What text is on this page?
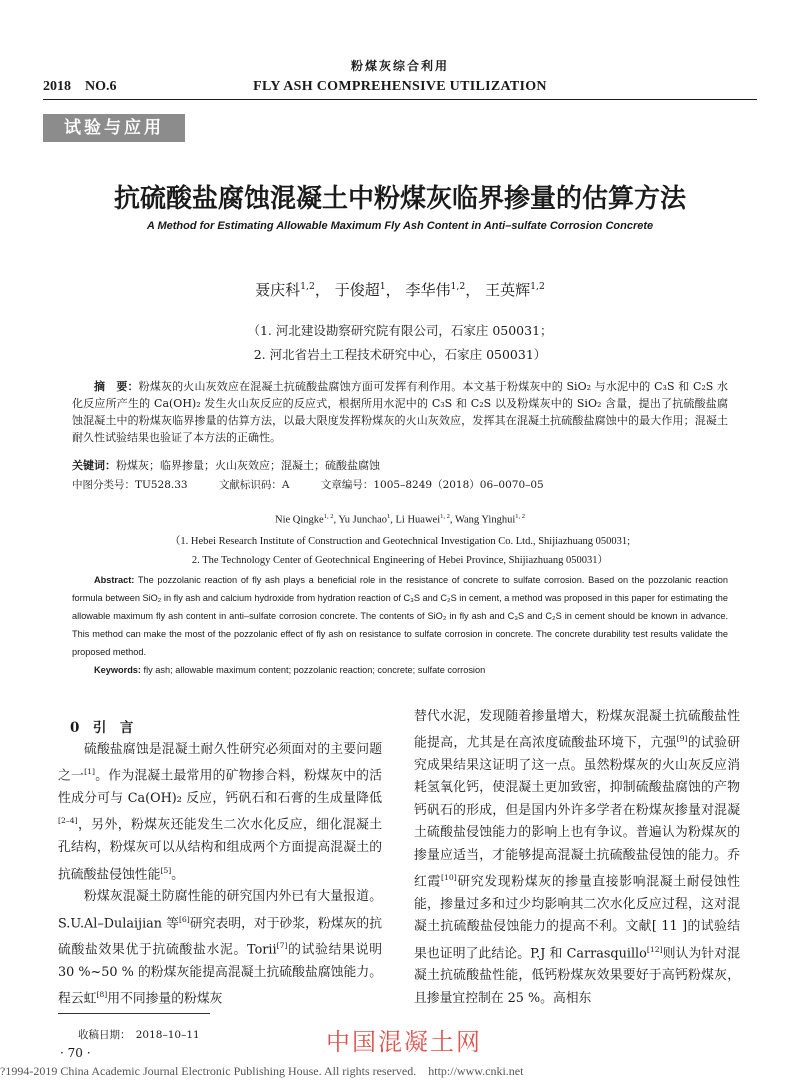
粉煤灰综合利用
2018    NO.6	FLY ASH COMPREHENSIVE UTILIZATION
试验与应用
抗硫酸盐腐蚀混凝土中粉煤灰临界掺量的估算方法
A Method for Estimating Allowable Maximum Fly Ash Content in Anti–sulfate Corrosion Concrete
聂庆科$^{1,2}$， 于俊超$^1$， 李华伟$^{1,2}$， 王英辉$^{1,2}$
（1. 河北建设勘察研究院有限公司，石家庄 050031；
2. 河北省岩土工程技术研究中心，石家庄 050031）
摘　要：粉煤灰的火山灰效应在混凝土抗硫酸盐腐蚀方面可发挥有利作用。本文基于粉煤灰中的 SiO₂ 与水泥中的 C₃S 和 C₂S 水化反应所产生的 Ca(OH)₂ 发生火山灰反应的反应式，根据所用水泥中的 C₃S 和 C₂S 以及粉煤灰中的 SiO₂ 含量，提出了抗硫酸盐腐蚀混凝土中的粉煤灰临界掺量的估算方法，以最大限度发挥粉煤灰的火山灰效应，发挥其在混凝土抗硫酸盐腐蚀中的最大作用；混凝土耐久性试验结果也验证了本方法的正确性。
关键词：粉煤灰；临界掺量；火山灰效应；混凝土；硫酸盐腐蚀
中图分类号：TU528.33	文献标识码：A	文章编号：1005–8249（2018）06–0070–05
Nie Qingke$^{1, 2}$, Yu Junchao$^1$, Li Huawei$^{1, 2}$, Wang Yinghui$^{1, 2}$
（1. Hebei Research Institute of Construction and Geotechnical Investigation Co. Ltd., Shijiazhuang 050031;
2. The Technology Center of Geotechnical Engineering of Hebei Province, Shijiazhuang 050031）
Abstract: The pozzolanic reaction of fly ash plays a beneficial role in the resistance of concrete to sulfate corrosion. Based on the pozzolanic reaction formula between SiO₂ in fly ash and calcium hydroxide from hydration reaction of C₃S and C₂S in cement, a method was proposed in this paper for estimating the allowable maximum fly ash content in anti–sulfate corrosion concrete. The contents of SiO₂ in fly ash and C₃S and C₂S in cement should be known in advance. This method can make the most of the pozzolanic effect of fly ash on resistance to sulfate corrosion in concrete. The concrete durability test results validate the proposed method.
Keywords: fly ash; allowable maximum content; pozzolanic reaction; concrete; sulfate corrosion
0　引　言

硫酸盐腐蚀是混凝土耐久性研究必须面对的主要问题之一[1]。作为混凝土最常用的矿物掺合料，粉煤灰中的活性成分可与 Ca(OH)₂ 反应，钙矾石和石膏的生成量降低[2–4]，另外，粉煤灰还能发生二次水化反应，细化混凝土孔结构，粉煤灰可以从结构和组成两个方面提高混凝土的抗硫酸盐侵蚀性能[5]。

粉煤灰混凝土防腐性能的研究国内外已有大量报道。S.U.Al–Dulaijian 等[6]研究表明，对于砂浆，粉煤灰的抗硫酸盐效果优于抗硫酸盐水泥。Torii[7]的试验结果说明 30 %~50 % 的粉煤灰能提高混凝土抗硫酸盐腐蚀能力。程云虹[8]用不同掺量的粉煤灰

替代水泥，发现随着掺量增大，粉煤灰混凝土抗硫酸盐性能提高，尤其是在高浓度硫酸盐环境下，亢强[9]的试验研究成果结果这证明了这一点。虽然粉煤灰的火山灰反应消耗氢氧化钙，使混凝土更加致密，抑制硫酸盐腐蚀的产物钙矾石的形成，但是国内外许多学者在粉煤灰掺量对混凝土硫酸盐侵蚀能力的影响上也有争议。普遍认为粉煤灰的掺量应适当，才能够提高混凝土抗硫酸盐侵蚀的能力。乔红霞[10]研究发现粉煤灰的掺量直接影响混凝土耐侵蚀性能，掺量过多和过少均影响其二次水化反应过程，这对混凝土抗硫酸盐侵蚀能力的提高不利。文献[ 11 ]的试验结果也证明了此结论。P.J 和 Carrasquillo[12]则认为针对混凝土抗硫酸盐性能，低钙粉煤灰效果要好于高钙粉煤灰，且掺量宜控制在 25 %。高相东
收稿日期：　2018–10–11
· 70 ·	中国混凝土网
?1994-2019 China Academic Journal Electronic Publishing House. All rights reserved.    http://www.cnki.net
